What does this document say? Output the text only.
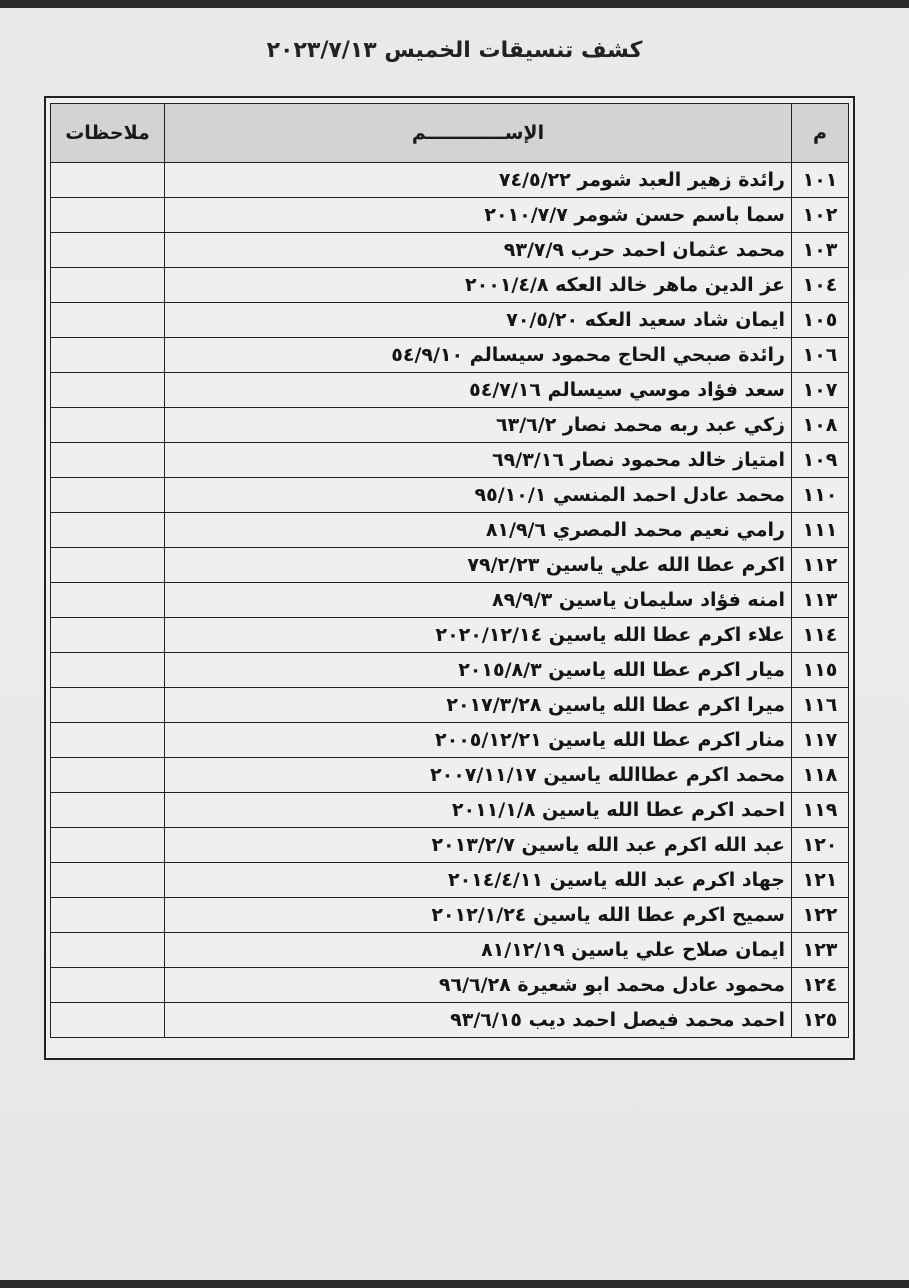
كشف تنسيقات الخميس ٢٠٢٣/٧/١٣
م	الإســــــــــــم	ملاحظات
١٠١	رائدة زهير العبد شومر ٧٤/٥/٢٢	
١٠٢	سما باسم حسن شومر ٢٠١٠/٧/٧	
١٠٣	محمد عثمان احمد حرب ٩٣/٧/٩	
١٠٤	عز الدين ماهر خالد العكه ٢٠٠١/٤/٨	
١٠٥	ايمان شاد سعيد العكه ٧٠/٥/٢٠	
١٠٦	رائدة صبحي الحاج محمود سيسالم ٥٤/٩/١٠	
١٠٧	سعد فؤاد موسي سيسالم ٥٤/٧/١٦	
١٠٨	زكي عبد ربه محمد نصار ٦٣/٦/٢	
١٠٩	امتياز خالد محمود نصار ٦٩/٣/١٦	
١١٠	محمد عادل احمد المنسي ٩٥/١٠/١	
١١١	رامي نعيم محمد المصري ٨١/٩/٦	
١١٢	اكرم عطا الله علي ياسين ٧٩/٢/٢٣	
١١٣	امنه فؤاد سليمان ياسين ٨٩/٩/٣	
١١٤	علاء اكرم عطا الله ياسين ٢٠٢٠/١٢/١٤	
١١٥	ميار اكرم عطا الله ياسين ٢٠١٥/٨/٣	
١١٦	ميرا اكرم عطا الله ياسين ٢٠١٧/٣/٢٨	
١١٧	منار اكرم عطا الله ياسين ٢٠٠٥/١٢/٢١	
١١٨	محمد اكرم عطاالله ياسين ٢٠٠٧/١١/١٧	
١١٩	احمد اكرم عطا الله ياسين ٢٠١١/١/٨	
١٢٠	عبد الله اكرم عبد الله ياسين ٢٠١٣/٢/٧	
١٢١	جهاد اكرم عبد الله ياسين ٢٠١٤/٤/١١	
١٢٢	سميح اكرم عطا الله ياسين ٢٠١٢/١/٢٤	
١٢٣	ايمان صلاح علي ياسين ٨١/١٢/١٩	
١٢٤	محمود عادل محمد ابو شعيرة ٩٦/٦/٢٨	
١٢٥	احمد محمد فيصل احمد ديب ٩٣/٦/١٥	
